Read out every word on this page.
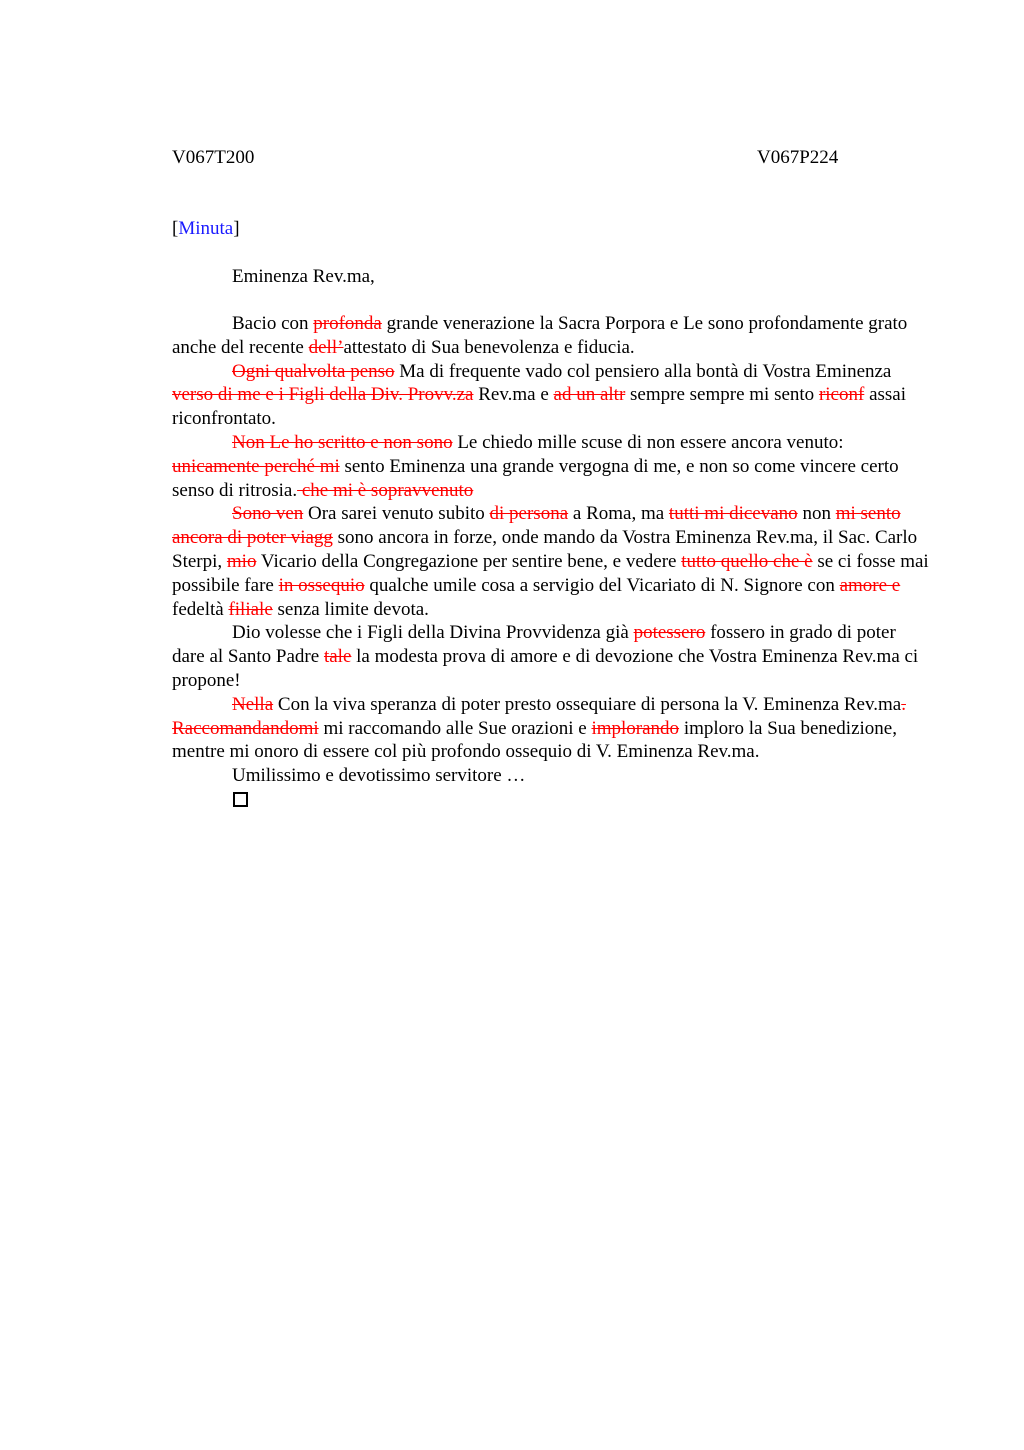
V067T200	V067P224
[Minuta]
Eminenza Rev.ma,

Bacio con profonda grande venerazione la Sacra Porpora e Le sono profondamente grato anche del recente dell’attestato di Sua benevolenza e fiducia.

Ogni qualvolta penso Ma di frequente vado col pensiero alla bontà di Vostra Eminenza verso di me e i Figli della Div. Provv.za Rev.ma e ad un altr sempre sempre mi sento riconf assai riconfrontato.

Non Le ho scritto e non sono Le chiedo mille scuse di non essere ancora venuto: unicamente perché mi sento Eminenza una grande vergogna di me, e non so come vincere certo senso di ritrosia. che mi è sopravvenuto

Sono ven Ora sarei venuto subito di persona a Roma, ma tutti mi dicevano non mi sento ancora di poter viagg sono ancora in forze, onde mando da Vostra Eminenza Rev.ma, il Sac. Carlo Sterpi, mio Vicario della Congregazione per sentire bene, e vedere tutto quello che è se ci fosse mai possibile fare in ossequio qualche umile cosa a servigio del Vicariato di N. Signore con amore e fedeltà filiale senza limite devota.

Dio volesse che i Figli della Divina Provvidenza già potessero fossero in grado di poter dare al Santo Padre tale la modesta prova di amore e di devozione che Vostra Eminenza Rev.ma ci propone!

Nella Con la viva speranza di poter presto ossequiare di persona la V. Eminenza Rev.ma. Raccomandandomi mi raccomando alle Sue orazioni e implorando imploro la Sua benedizione, mentre mi onoro di essere col più profondo ossequio di V. Eminenza Rev.ma.

Umilissimo e devotissimo servitore …
